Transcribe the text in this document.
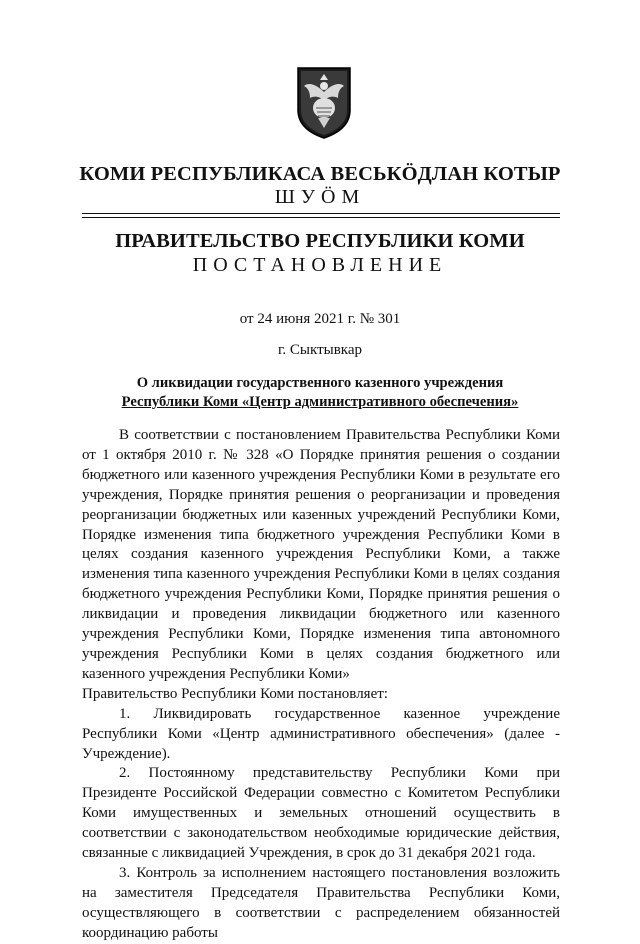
КОМИ РЕСПУБЛИКАСА ВЕСЬКӦДЛАН КОТЫР
ШУӦМ
ПРАВИТЕЛЬСТВО РЕСПУБЛИКИ КОМИ
ПОСТАНОВЛЕНИЕ
от 24 июня 2021 г. № 301
г. Сыктывкар
О ликвидации государственного казенного учреждения
Республики Коми «Центр административного обеспечения»

В соответствии с постановлением Правительства Республики Коми от 1 октября 2010 г. № 328 «О Порядке принятия решения о создании бюджетного или казенного учреждения Республики Коми в результате его учреждения, Порядке принятия решения о реорганизации и проведения реорганизации бюджетных или казенных учреждений Республики Коми, Порядке изменения типа бюджетного учреждения Республики Коми в целях создания казенного учреждения Республики Коми, а также изменения типа казенного учреждения Республики Коми в целях создания бюджетного учреждения Республики Коми, Порядке принятия решения о ликвидации и проведения ликвидации бюджетного или казенного учреждения Республики Коми, Порядке изменения типа автономного учреждения Республики Коми в целях создания бюджетного или казенного учреждения Республики Коми»

Правительство Республики Коми постановляет:

1. Ликвидировать государственное казенное учреждение Республики Коми «Центр административного обеспечения» (далее - Учреждение).

2. Постоянному представительству Республики Коми при Президенте Российской Федерации совместно с Комитетом Республики Коми имущественных и земельных отношений осуществить в соответствии с законодательством необходимые юридические действия, связанные с ликвидацией Учреждения, в срок до 31 декабря 2021 года.

3. Контроль за исполнением настоящего постановления возложить на заместителя Председателя Правительства Республики Коми, осуществляющего в соответствии с распределением обязанностей координацию работы
